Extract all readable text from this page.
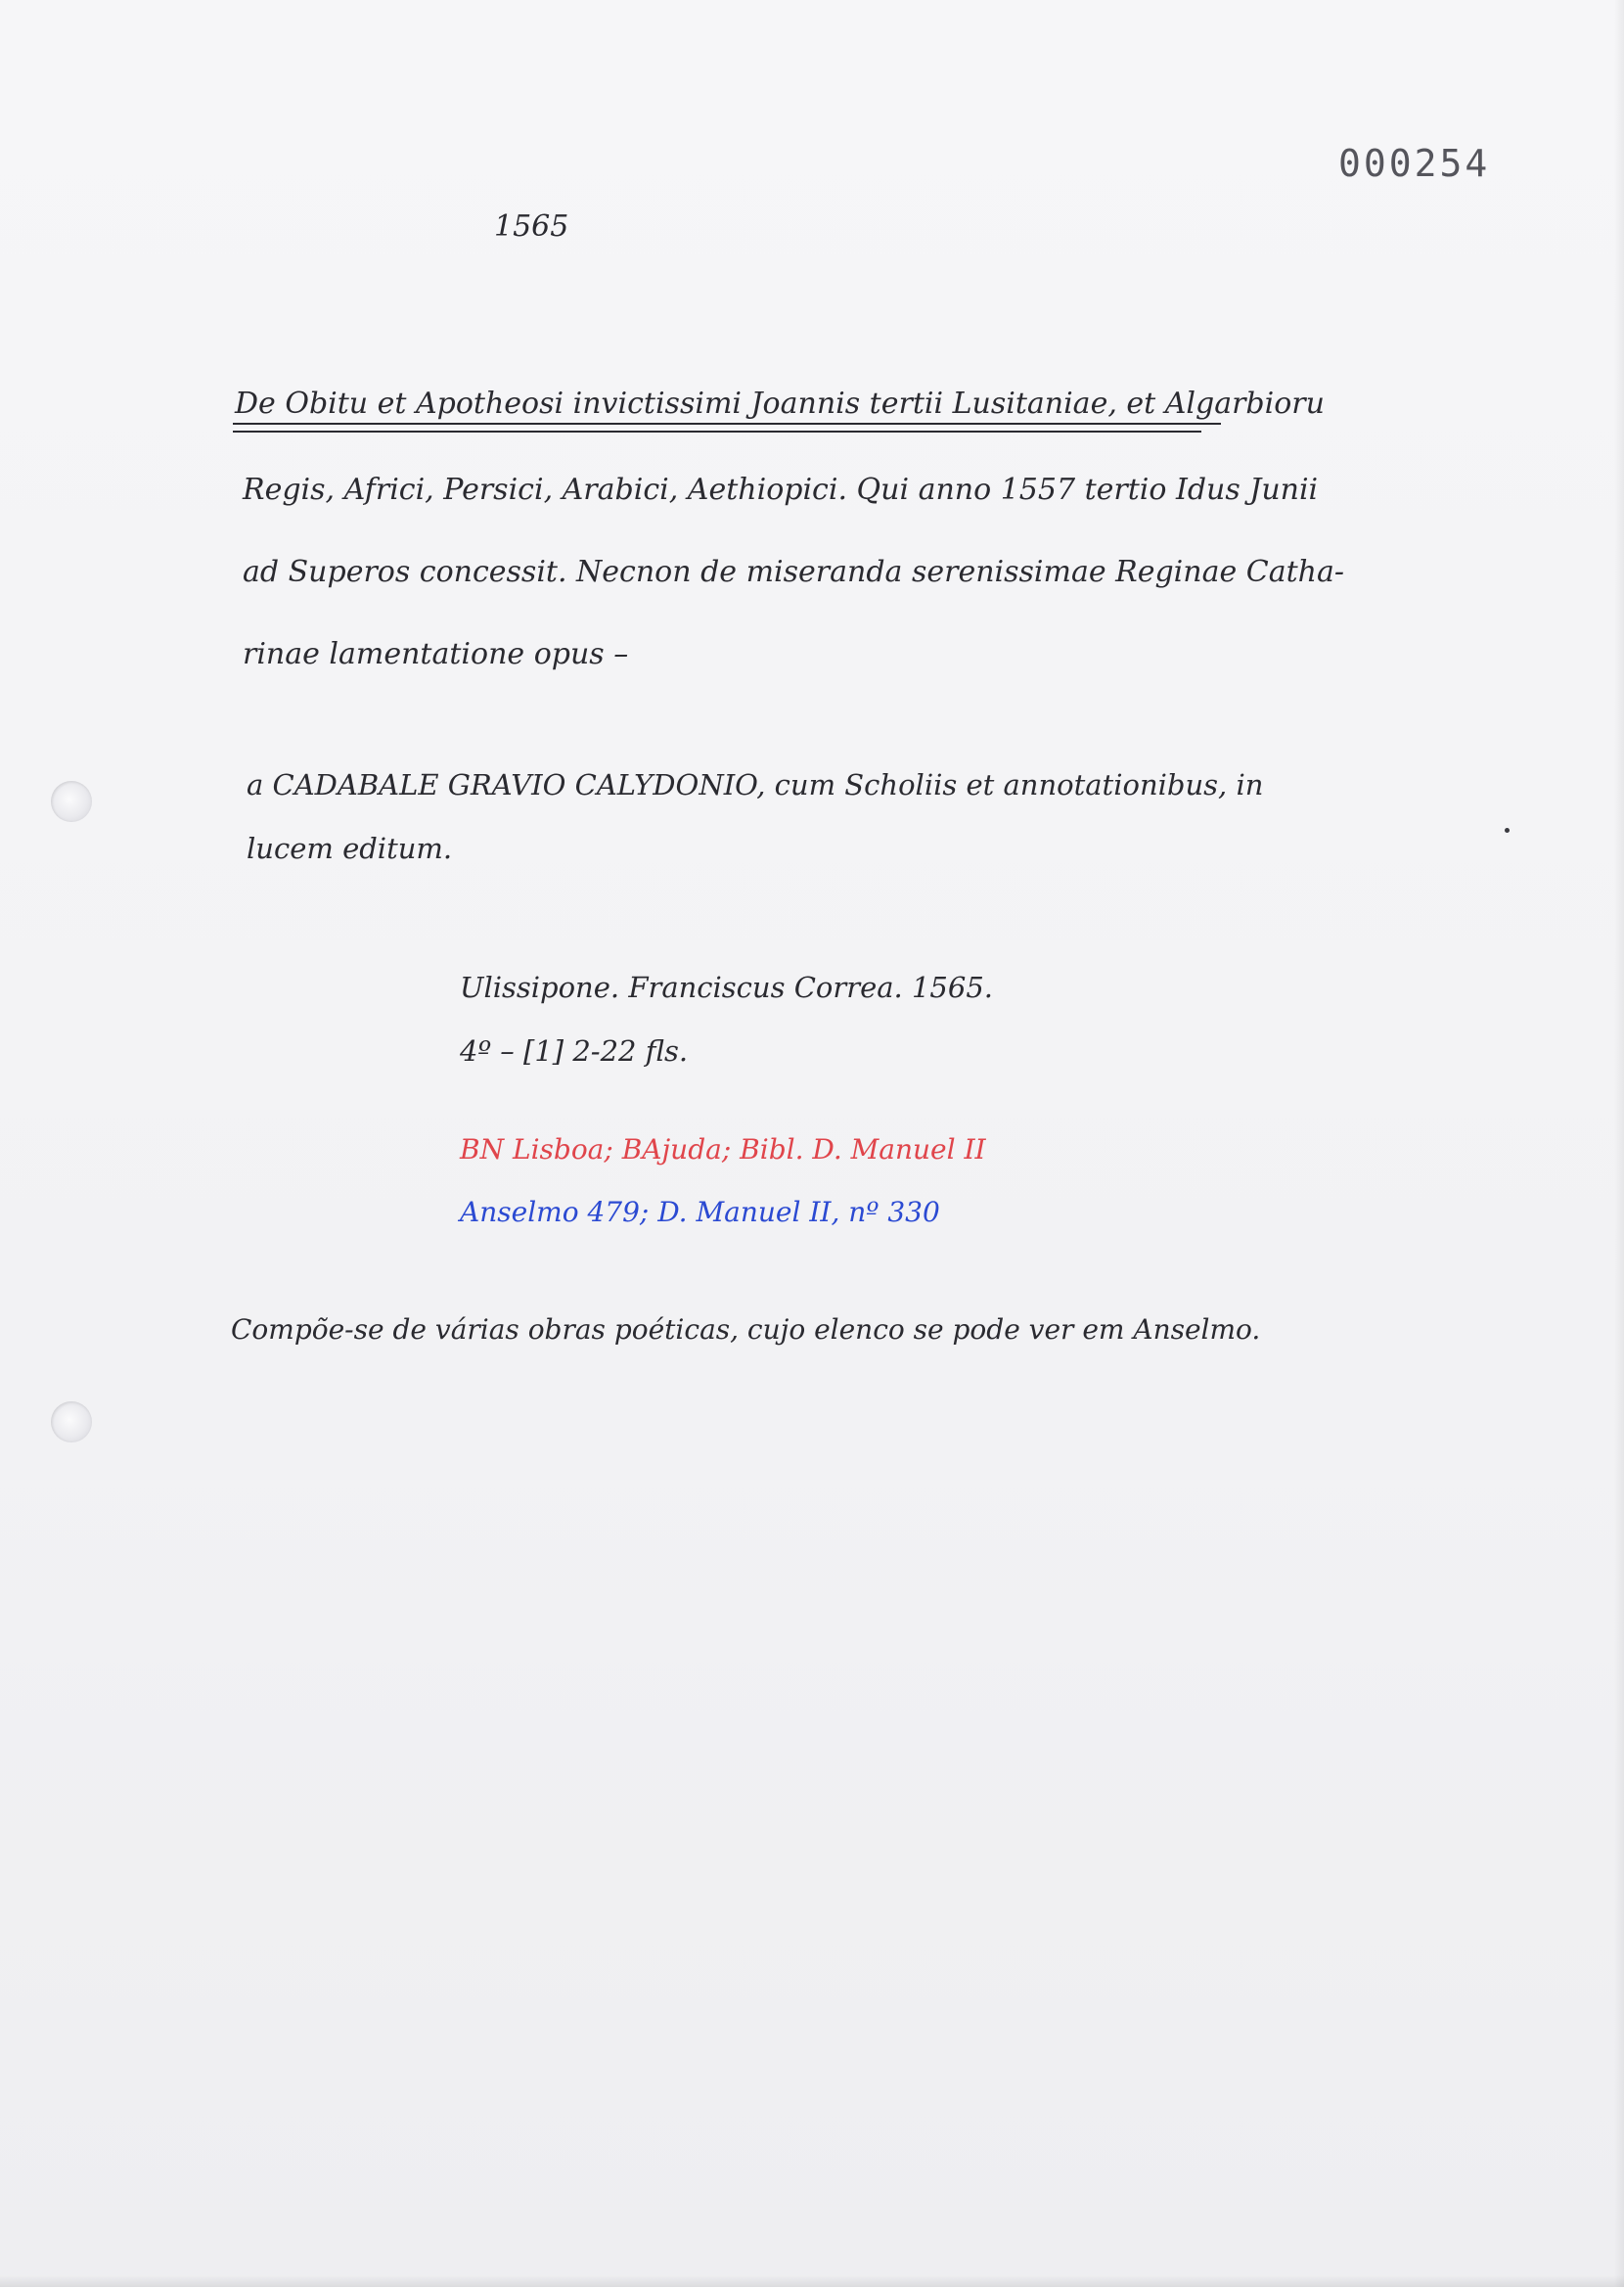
000254
1565
De Obitu et Apotheosi invictissimi Joannis tertii Lusitaniae, et Algarbioru
Regis, Africi, Persici, Arabici, Aethiopici. Qui anno 1557 tertio Idus Junii
ad Superos concessit. Necnon de miseranda serenissimae Reginae Catha-
rinae lamentatione opus –
a CADABALE GRAVIO CALYDONIO, cum Scholiis et annotationibus, in
lucem editum.
Ulissipone. Franciscus Correa. 1565.
4º – [1] 2-22 fls.
BN Lisboa; BAjuda; Bibl. D. Manuel II
Anselmo 479; D. Manuel II, nº 330
Compõe-se de várias obras poéticas, cujo elenco se pode ver em Anselmo.
